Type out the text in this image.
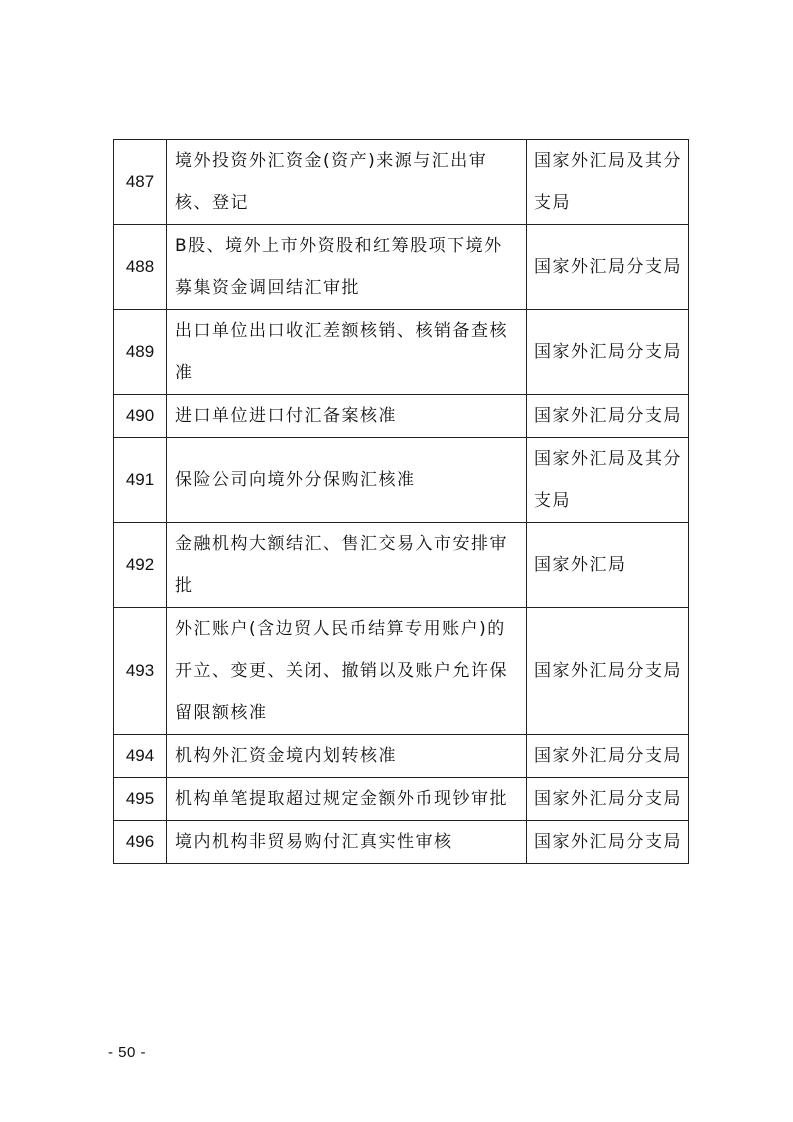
487	境外投资外汇资金(资产)来源与汇出审核、登记	国家外汇局及其分支局
488	B股、境外上市外资股和红筹股项下境外募集资金调回结汇审批	国家外汇局分支局
489	出口单位出口收汇差额核销、核销备查核准	国家外汇局分支局
490	进口单位进口付汇备案核准	国家外汇局分支局
491	保险公司向境外分保购汇核准	国家外汇局及其分支局
492	金融机构大额结汇、售汇交易入市安排审批	国家外汇局
493	外汇账户(含边贸人民币结算专用账户)的开立、变更、关闭、撤销以及账户允许保留限额核准	国家外汇局分支局
494	机构外汇资金境内划转核准	国家外汇局分支局
495	机构单笔提取超过规定金额外币现钞审批	国家外汇局分支局
496	境内机构非贸易购付汇真实性审核	国家外汇局分支局
- 50 -
